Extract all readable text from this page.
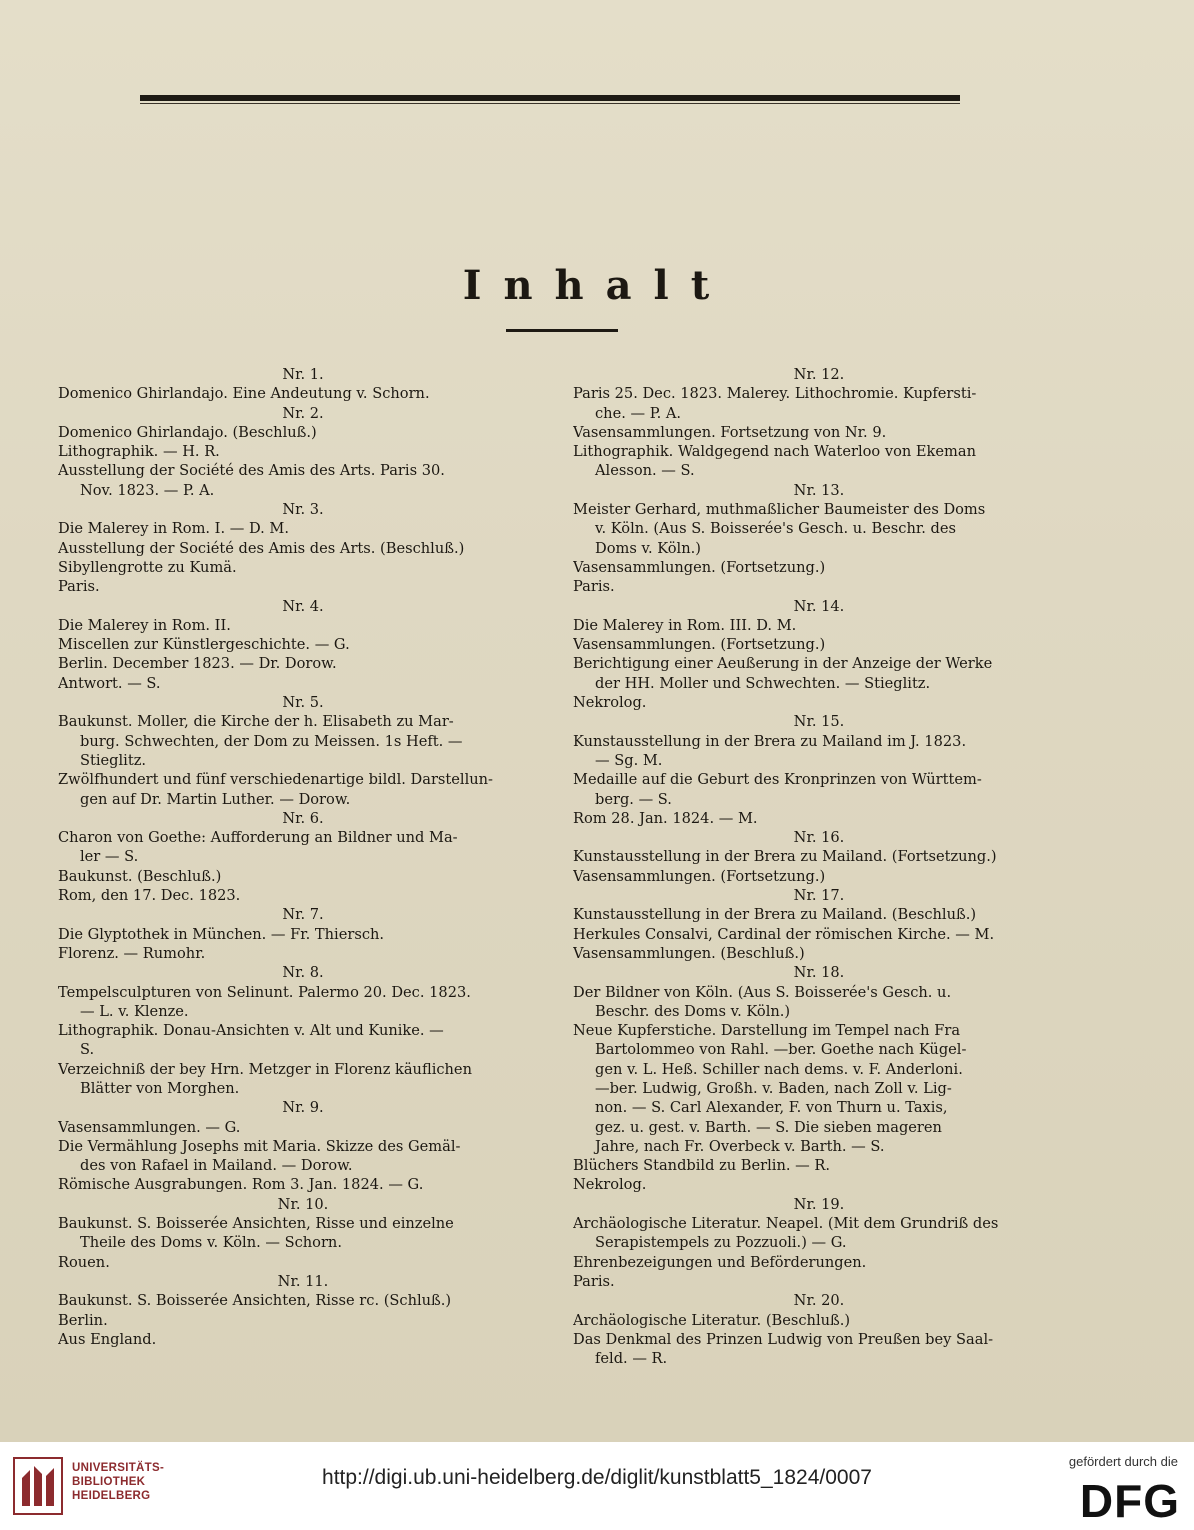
Inhalt
Nr. 1.
Domenico Ghirlandajo. Eine Andeutung v. Schorn.
Nr. 2.
Domenico Ghirlandajo. (Beschluß.)
Lithographik. — H. R.
Ausstellung der Société des Amis des Arts. Paris 30.
Nov. 1823. — P. A.
Nr. 3.
Die Malerey in Rom. I. — D. M.
Ausstellung der Société des Amis des Arts. (Beschluß.)
Sibyllengrotte zu Kumä.
Paris.
Nr. 4.
Die Malerey in Rom. II.
Miscellen zur Künstlergeschichte. — G.
Berlin. December 1823. — Dr. Dorow.
Antwort. — S.
Nr. 5.
Baukunst. Moller, die Kirche der h. Elisabeth zu Mar-
burg. Schwechten, der Dom zu Meissen. 1s Heft. —
Stieglitz.
Zwölfhundert und fünf verschiedenartige bildl. Darstellun-
gen auf Dr. Martin Luther. — Dorow.
Nr. 6.
Charon von Goethe: Aufforderung an Bildner und Ma-
ler — S.
Baukunst. (Beschluß.)
Rom, den 17. Dec. 1823.
Nr. 7.
Die Glyptothek in München. — Fr. Thiersch.
Florenz. — Rumohr.
Nr. 8.
Tempelsculpturen von Selinunt. Palermo 20. Dec. 1823.
— L. v. Klenze.
Lithographik. Donau-Ansichten v. Alt und Kunike. —
S.
Verzeichniß der bey Hrn. Metzger in Florenz käuflichen
Blätter von Morghen.
Nr. 9.
Vasensammlungen. — G.
Die Vermählung Josephs mit Maria. Skizze des Gemäl-
des von Rafael in Mailand. — Dorow.
Römische Ausgrabungen. Rom 3. Jan. 1824. — G.
Nr. 10.
Baukunst. S. Boisserée Ansichten, Risse und einzelne
Theile des Doms v. Köln. — Schorn.
Rouen.
Nr. 11.
Baukunst. S. Boisserée Ansichten, Risse rc. (Schluß.)
Berlin.
Aus England.
Nr. 12.
Paris 25. Dec. 1823. Malerey. Lithochromie. Kupfersti-
che. — P. A.
Vasensammlungen. Fortsetzung von Nr. 9.
Lithographik. Waldgegend nach Waterloo von Ekeman
Alesson. — S.
Nr. 13.
Meister Gerhard, muthmaßlicher Baumeister des Doms
v. Köln. (Aus S. Boisserée's Gesch. u. Beschr. des
Doms v. Köln.)
Vasensammlungen. (Fortsetzung.)
Paris.
Nr. 14.
Die Malerey in Rom. III. D. M.
Vasensammlungen. (Fortsetzung.)
Berichtigung einer Aeußerung in der Anzeige der Werke
der HH. Moller und Schwechten. — Stieglitz.
Nekrolog.
Nr. 15.
Kunstausstellung in der Brera zu Mailand im J. 1823.
— Sg. M.
Medaille auf die Geburt des Kronprinzen von Württem-
berg. — S.
Rom 28. Jan. 1824. — M.
Nr. 16.
Kunstausstellung in der Brera zu Mailand. (Fortsetzung.)
Vasensammlungen. (Fortsetzung.)
Nr. 17.
Kunstausstellung in der Brera zu Mailand. (Beschluß.)
Herkules Consalvi, Cardinal der römischen Kirche. — M.
Vasensammlungen. (Beschluß.)
Nr. 18.
Der Bildner von Köln. (Aus S. Boisserée's Gesch. u.
Beschr. des Doms v. Köln.)
Neue Kupferstiche. Darstellung im Tempel nach Fra
Bartolommeo von Rahl. —ber. Goethe nach Kügel-
gen v. L. Heß. Schiller nach dems. v. F. Anderloni.
—ber. Ludwig, Großh. v. Baden, nach Zoll v. Lig-
non. — S. Carl Alexander, F. von Thurn u. Taxis,
gez. u. gest. v. Barth. — S. Die sieben mageren
Jahre, nach Fr. Overbeck v. Barth. — S.
Blüchers Standbild zu Berlin. — R.
Nekrolog.
Nr. 19.
Archäologische Literatur. Neapel. (Mit dem Grundriß des
Serapistempels zu Pozzuoli.) — G.
Ehrenbezeigungen und Beförderungen.
Paris.
Nr. 20.
Archäologische Literatur. (Beschluß.)
Das Denkmal des Prinzen Ludwig von Preußen bey Saal-
feld. — R.
UNIVERSITÄTS-
BIBLIOTHEK
HEIDELBERG
http://digi.ub.uni-heidelberg.de/diglit/kunstblatt5_1824/0007
gefördert durch die
DFG
